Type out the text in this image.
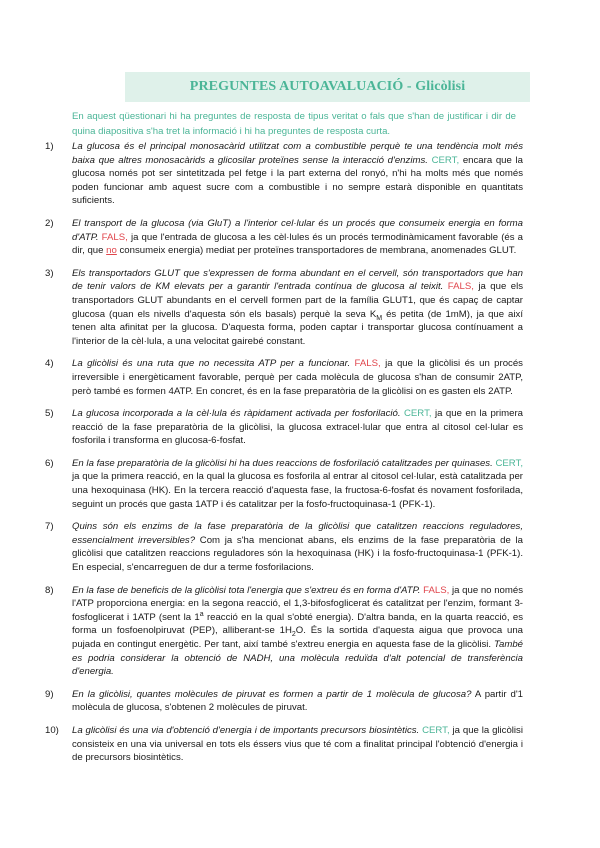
PREGUNTES AUTOAVALUACIÓ - Glicòlisi
En aquest qüestionari hi ha preguntes de resposta de tipus veritat o fals que s'han de justificar i dir de quina diapositiva s'ha tret la informació i hi ha preguntes de resposta curta.
1)	La glucosa és el principal monosacàrid utilitzat com a combustible perquè te una tendència molt més baixa que altres monosacàrids a glicosilar proteïnes sense la interacció d'enzims. CERT, encara que la glucosa només pot ser sintetitzada pel fetge i la part externa del ronyó, n'hi ha molts més que només poden funcionar amb aquest sucre com a combustible i no sempre estarà disponible en quantitats suficients.
2)	El transport de la glucosa (via GluT) a l'interior cel·lular és un procés que consumeix energia en forma d'ATP. FALS, ja que l'entrada de glucosa a les cèl·lules és un procés termodinàmicament favorable (és a dir, que no consumeix energia) mediat per proteïnes transportadores de membrana, anomenades GLUT.
3)	Els transportadors GLUT que s'expressen de forma abundant en el cervell, són transportadors que han de tenir valors de KM elevats per a garantir l'entrada contínua de glucosa al teixit. FALS, ja que els transportadors GLUT abundants en el cervell formen part de la família GLUT1, que és capaç de captar glucosa (quan els nivells d'aquesta són els basals) perquè la seva $K_M$ és petita (de 1mM), ja que així tenen alta afinitat per la glucosa. D'aquesta forma, poden captar i transportar glucosa contínuament a l'interior de la cèl·lula, a una velocitat gairebé constant.
4)	La glicòlisi és una ruta que no necessita ATP per a funcionar. FALS, ja que la glicòlisi és un procés irreversible i energèticament favorable, perquè per cada molècula de glucosa s'han de consumir 2ATP, però també es formen 4ATP. En concret, és en la fase preparatòria de la glicòlisi on es gasten els 2ATP.
5)	La glucosa incorporada a la cèl·lula és ràpidament activada per fosforilació. CERT, ja que en la primera reacció de la fase preparatòria de la glicòlisi, la glucosa extracel·lular que entra al citosol cel·lular es fosforila i transforma en glucosa-6-fosfat.
6)	En la fase preparatòria de la glicòlisi hi ha dues reaccions de fosforilació catalitzades per quinases. CERT, ja que la primera reacció, en la qual la glucosa es fosforila al entrar al citosol cel·lular, està catalitzada per una hexoquinasa (HK). En la tercera reacció d'aquesta fase, la fructosa-6-fosfat és novament fosforilada, seguint un procés que gasta 1ATP i és catalitzar per la fosfo-fructoquinasa-1 (PFK-1).
7)	Quins són els enzims de la fase preparatòria de la glicòlisi que catalitzen reaccions reguladores, essencialment irreversibles? Com ja s'ha mencionat abans, els enzims de la fase preparatòria de la glicòlisi que catalitzen reaccions reguladores són la hexoquinasa (HK) i la fosfo-fructoquinasa-1 (PFK-1). En especial, s'encarreguen de dur a terme fosforilacions.
8)	En la fase de beneficis de la glicòlisi tota l'energia que s'extreu és en forma d'ATP. FALS, ja que no només l'ATP proporciona energia: en la segona reacció, el 1,3-bifosfoglicerat és catalitzat per l'enzim, formant 3-fosfoglicerat i 1ATP (sent la 1$^a$ reacció en la qual s'obté energia). D'altra banda, en la quarta reacció, es forma un fosfoenolpiruvat (PEP), alliberant-se $1H_2O$. És la sortida d'aquesta aigua que provoca una pujada en contingut energètic. Per tant, així també s'extreu energia en aquesta fase de la glicòlisi. També es podria considerar la obtenció de NADH, una molècula reduïda d'alt potencial de transferència d'energia.
9)	En la glicòlisi, quantes molècules de piruvat es formen a partir de 1 molècula de glucosa? A partir d'1 molècula de glucosa, s'obtenen 2 molècules de piruvat.
10)	La glicòlisi és una via d'obtenció d'energia i de importants precursors biosintètics. CERT, ja que la glicòlisi consisteix en una via universal en tots els éssers vius que té com a finalitat principal l'obtenció d'energia i de precursors biosintètics.
